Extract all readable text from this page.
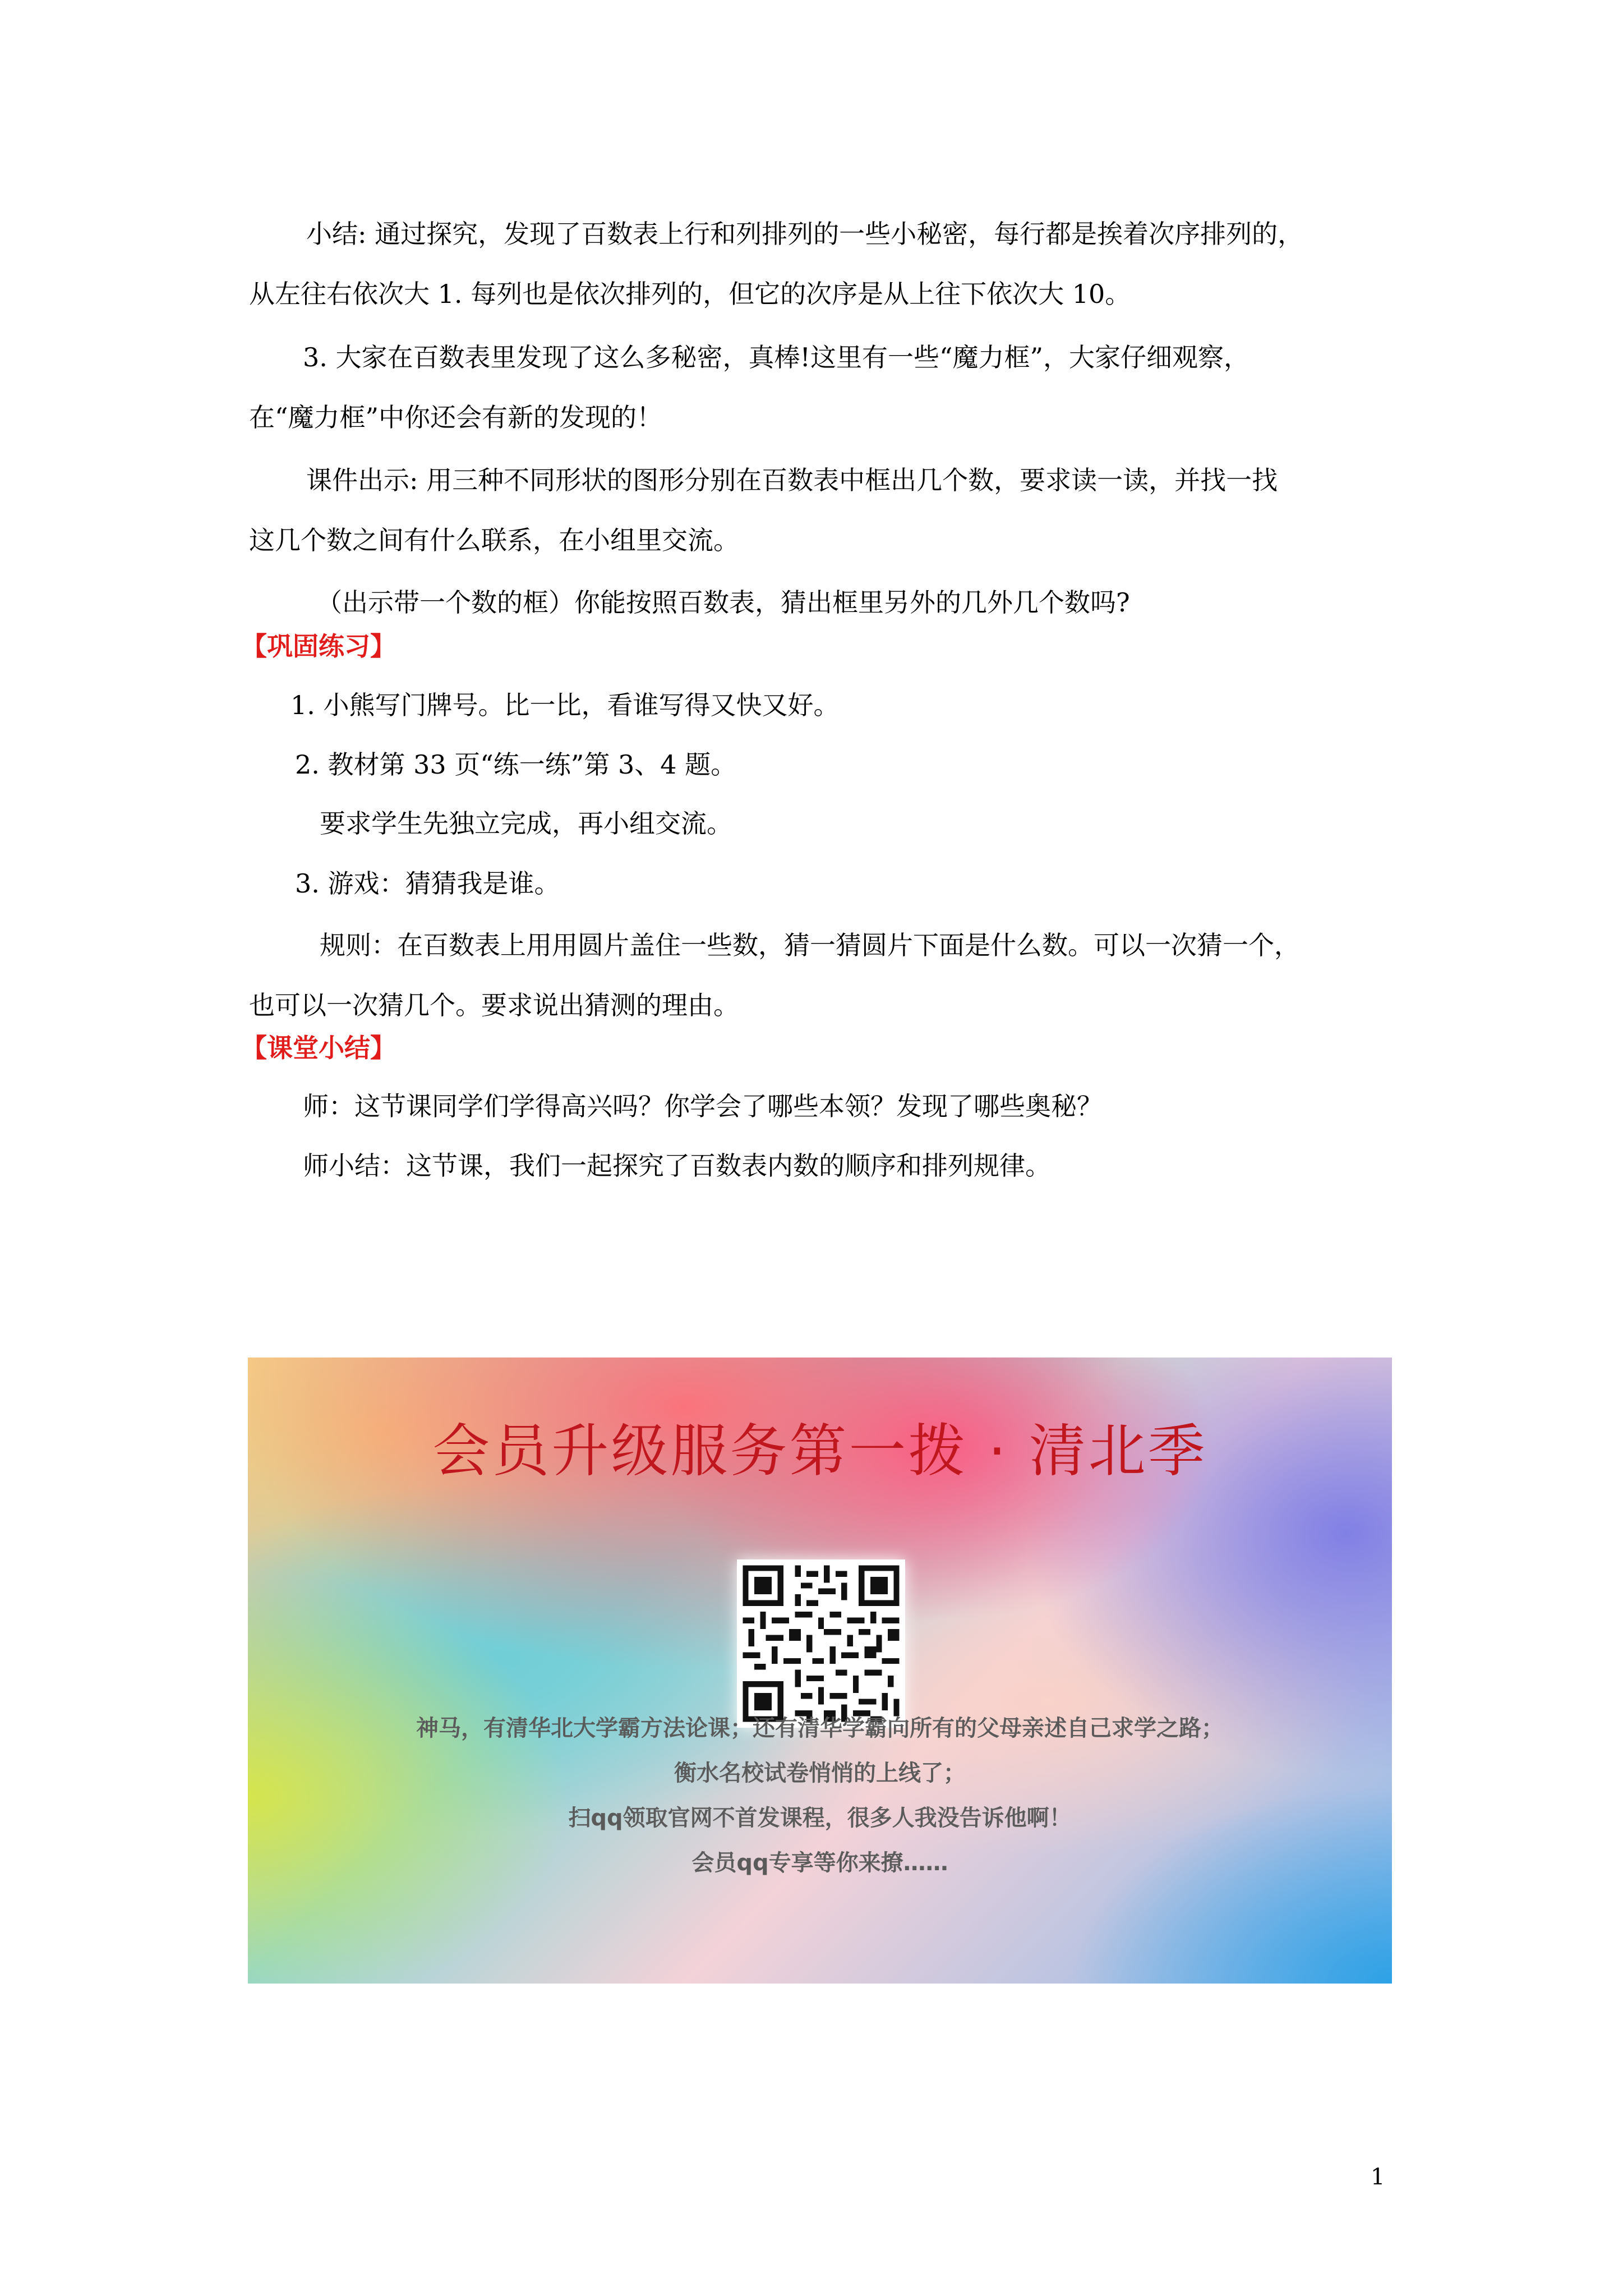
小结: 通过探究，发现了百数表上行和列排列的一些小秘密，每行都是挨着次序排列的，
从左往右依次大 1. 每列也是依次排列的，但它的次序是从上往下依次大 10。
3. 大家在百数表里发现了这么多秘密，真棒!这里有一些“魔力框”，大家仔细观察，
在“魔力框”中你还会有新的发现的！
课件出示: 用三种不同形状的图形分别在百数表中框出几个数，要求读一读，并找一找
这几个数之间有什么联系，在小组里交流。
（出示带一个数的框）你能按照百数表，猜出框里另外的几外几个数吗?
【巩固练习】
1. 小熊写门牌号。比一比，看谁写得又快又好。
2. 教材第 33 页“练一练”第 3、4 题。
要求学生先独立完成，再小组交流。
3. 游戏：猜猜我是谁。
规则：在百数表上用用圆片盖住一些数，猜一猜圆片下面是什么数。可以一次猜一个，
也可以一次猜几个。要求说出猜测的理由。
【课堂小结】
师：这节课同学们学得高兴吗？你学会了哪些本领？发现了哪些奥秘？
师小结：这节课，我们一起探究了百数表内数的顺序和排列规律。
会员升级服务第一拨 · 清北季
神马，有清华北大学霸方法论课；还有清华学霸向所有的父母亲述自己求学之路；
衡水名校试卷悄悄的上线了；
扫qq领取官网不首发课程，很多人我没告诉他啊！
会员qq专享等你来撩……
1
